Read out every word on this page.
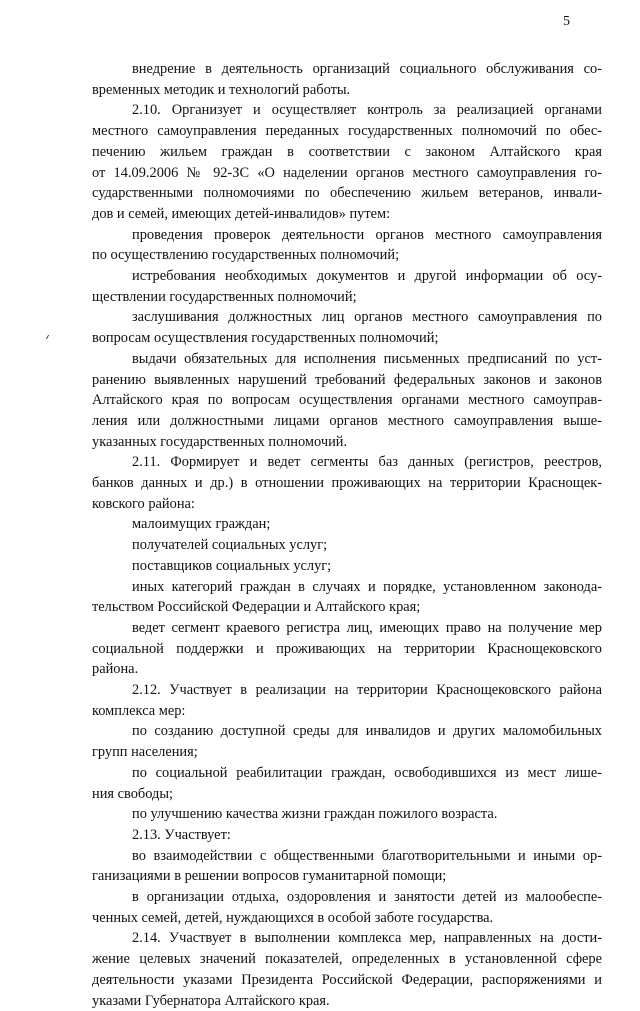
5
внедрение в деятельность организаций социального обслуживания со-
временных методик и технологий работы.
2.10. Организует и осуществляет контроль за реализацией органами
местного самоуправления переданных государственных полномочий по обес-
печению жильем граждан в соответствии с законом Алтайского края
от 14.09.2006 № 92-ЗС «О наделении органов местного самоуправления го-
сударственными полномочиями по обеспечению жильем ветеранов, инвали-
дов и семей, имеющих детей-инвалидов» путем:
проведения проверок деятельности органов местного самоуправления
по осуществлению государственных полномочий;
истребования необходимых документов и другой информации об осу-
ществлении государственных полномочий;
заслушивания должностных лиц органов местного самоуправления по
вопросам осуществления государственных полномочий;
выдачи обязательных для исполнения письменных предписаний по уст-
ранению выявленных нарушений требований федеральных законов и законов
Алтайского края по вопросам осуществления органами местного самоуправ-
ления или должностными лицами органов местного самоуправления выше-
указанных государственных полномочий.
2.11. Формирует и ведет сегменты баз данных (регистров, реестров,
банков данных и др.) в отношении проживающих на территории Краснощек-
ковского района:
малоимущих граждан;
получателей социальных услуг;
поставщиков социальных услуг;
иных категорий граждан в случаях и порядке, установленном законода-
тельством Российской Федерации и Алтайского края;
ведет сегмент краевого регистра лиц, имеющих право на получение мер
социальной поддержки и проживающих на территории Краснощековского
района.
2.12. Участвует в реализации на территории Краснощековского района
комплекса мер:
по созданию доступной среды для инвалидов и других маломобильных
групп населения;
по социальной реабилитации граждан, освободившихся из мест лише-
ния свободы;
по улучшению качества жизни граждан пожилого возраста.
2.13. Участвует:
во взаимодействии с общественными благотворительными и иными ор-
ганизациями в решении вопросов гуманитарной помощи;
в организации отдыха, оздоровления и занятости детей из малообеспе-
ченных семей, детей, нуждающихся в особой заботе государства.
2.14. Участвует в выполнении комплекса мер, направленных на дости-
жение целевых значений показателей, определенных в установленной сфере
деятельности указами Президента Российской Федерации, распоряжениями и
указами Губернатора Алтайского края.
